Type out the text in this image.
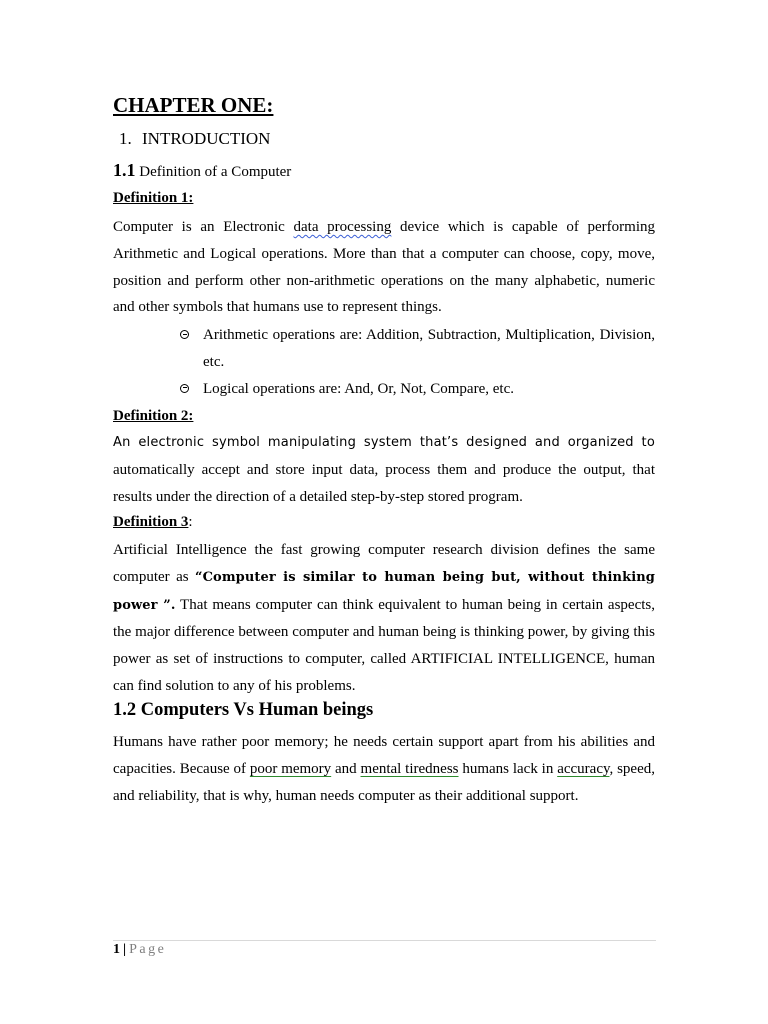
CHAPTER ONE:
1. INTRODUCTION
1.1 Definition of a Computer
Definition 1:
Computer is an Electronic data processing device which is capable of performing Arithmetic and Logical operations. More than that a computer can choose, copy, move, position and perform other non-arithmetic operations on the many alphabetic, numeric and other symbols that humans use to represent things.
Arithmetic operations are: Addition, Subtraction, Multiplication, Division, etc.
Logical operations are: And, Or, Not, Compare, etc.
Definition 2:
An electronic symbol manipulating system that’s designed and organized to
automatically accept and store input data, process them and produce the output, that results under the direction of a detailed step-by-step stored program.
Definition 3:
Artificial Intelligence the fast growing computer research division defines the same computer as “Computer is similar to human being but, without thinking power ”. That means computer can think equivalent to human being in certain aspects, the major difference between computer and human being is thinking power, by giving this power as set of instructions to computer, called ARTIFICIAL INTELLIGENCE, human can find solution to any of his problems.
1.2 Computers Vs Human beings
Humans have rather poor memory; he needs certain support apart from his abilities and capacities. Because of poor memory and mental tiredness humans lack in accuracy, speed, and reliability, that is why, human needs computer as their additional support.
1 | Page
